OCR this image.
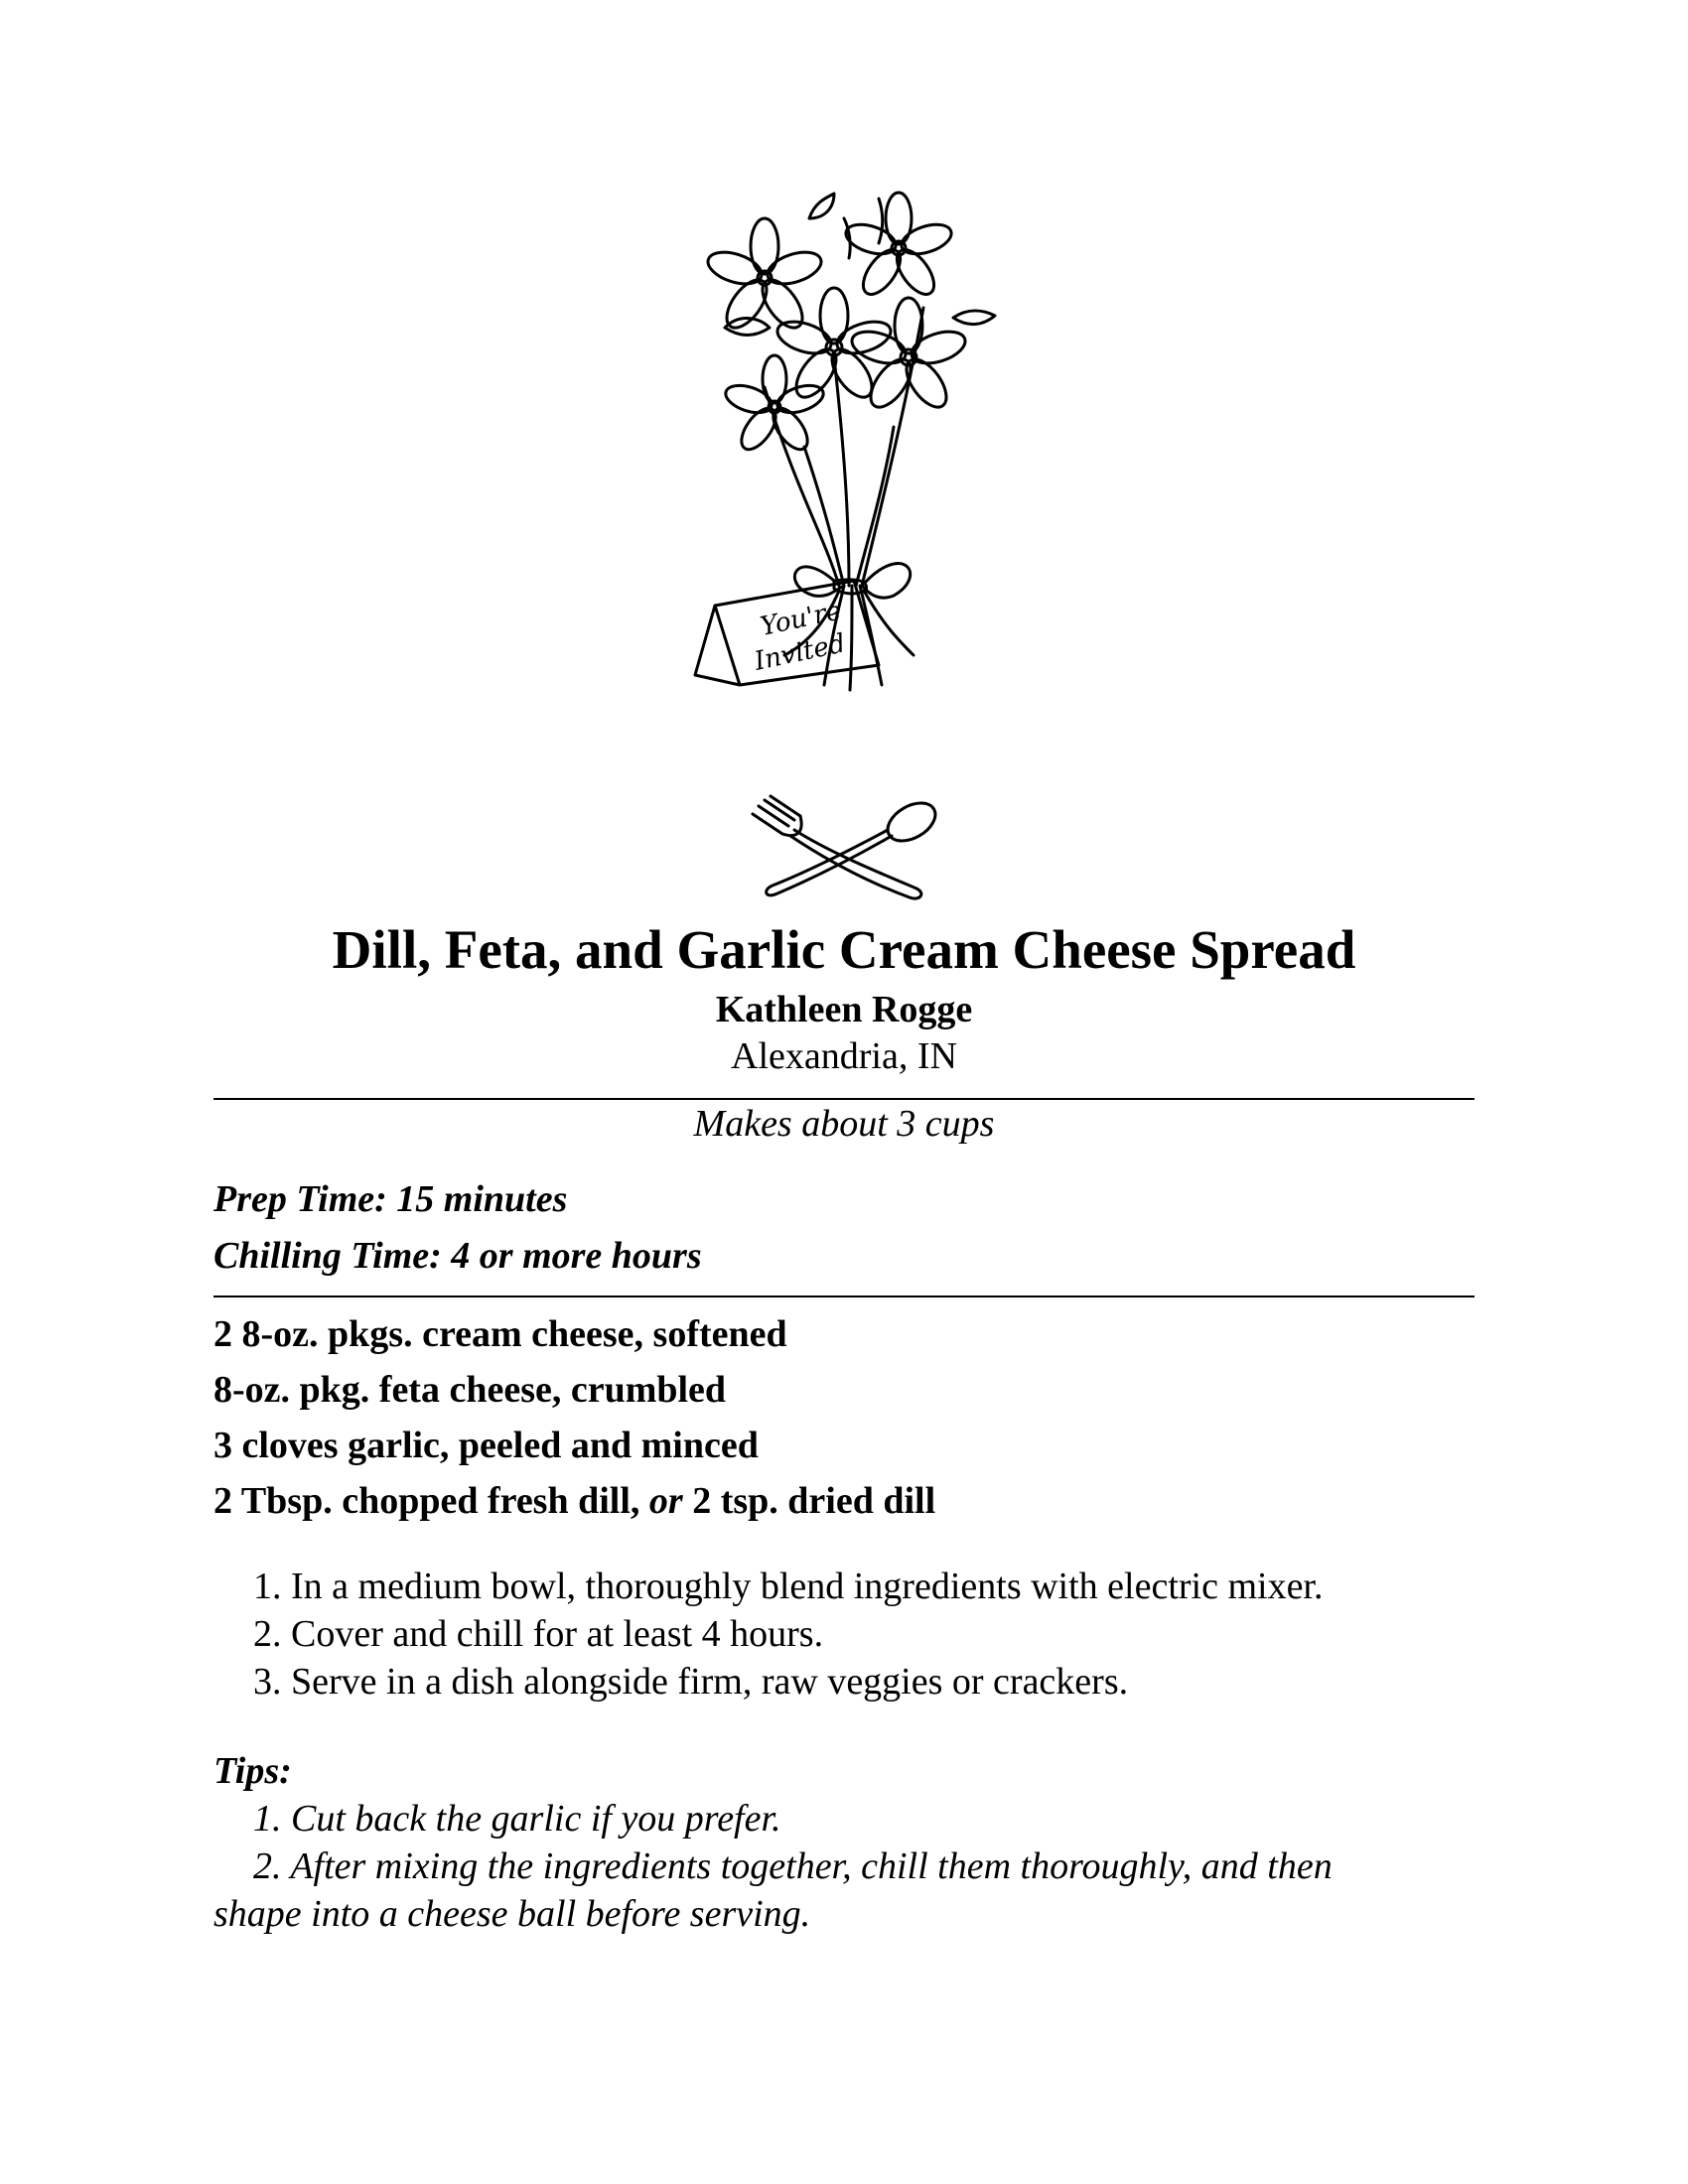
You're
Invited
Dill, Feta, and Garlic Cream Cheese Spread
Kathleen Rogge
Alexandria, IN
Makes about 3 cups
Prep Time: 15 minutes
Chilling Time: 4 or more hours
2 8-oz. pkgs. cream cheese, softened
8-oz. pkg. feta cheese, crumbled
3 cloves garlic, peeled and minced
2 Tbsp. chopped fresh dill, or 2 tsp. dried dill
1. In a medium bowl, thoroughly blend ingredients with electric mixer.
2. Cover and chill for at least 4 hours.
3. Serve in a dish alongside firm, raw veggies or crackers.
Tips:
1. Cut back the garlic if you prefer.
2. After mixing the ingredients together, chill them thoroughly, and then
shape into a cheese ball before serving.
